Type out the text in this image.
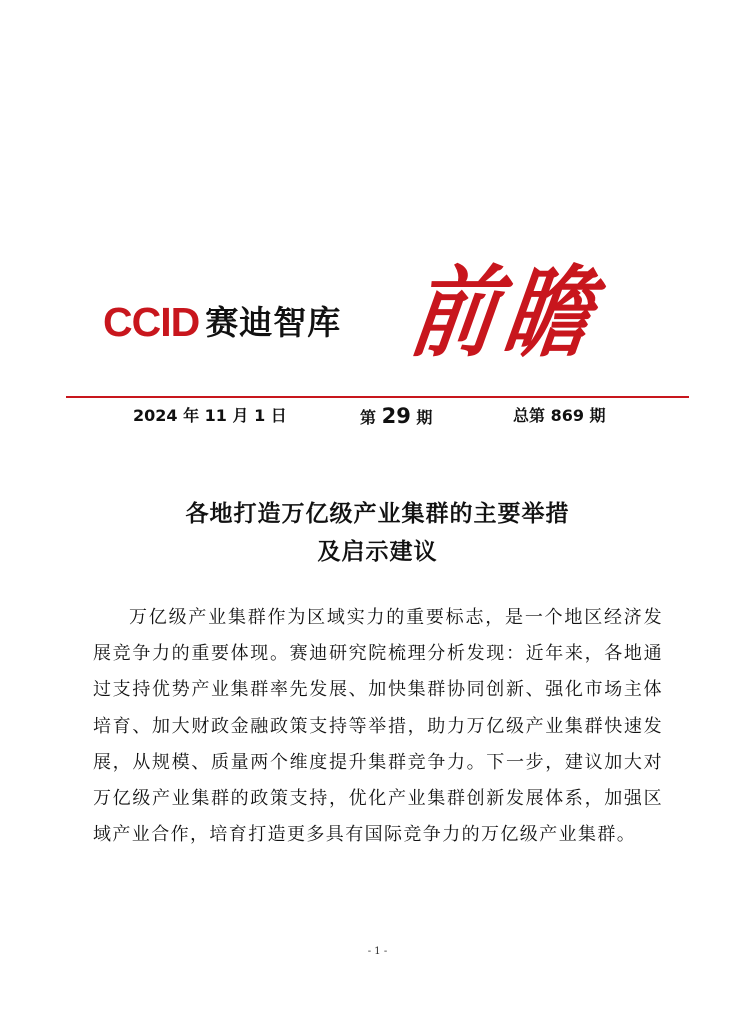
CCID 赛迪智库 前瞻
2024 年 11 月 1 日	第 29 期	总第 869 期
各地打造万亿级产业集群的主要举措
及启示建议

万亿级产业集群作为区域实力的重要标志，是一个地区经济发展竞争力的重要体现。赛迪研究院梳理分析发现：近年来，各地通过支持优势产业集群率先发展、加快集群协同创新、强化市场主体培育、加大财政金融政策支持等举措，助力万亿级产业集群快速发展，从规模、质量两个维度提升集群竞争力。下一步，建议加大对万亿级产业集群的政策支持，优化产业集群创新发展体系，加强区域产业合作，培育打造更多具有国际竞争力的万亿级产业集群。

- 1 -
